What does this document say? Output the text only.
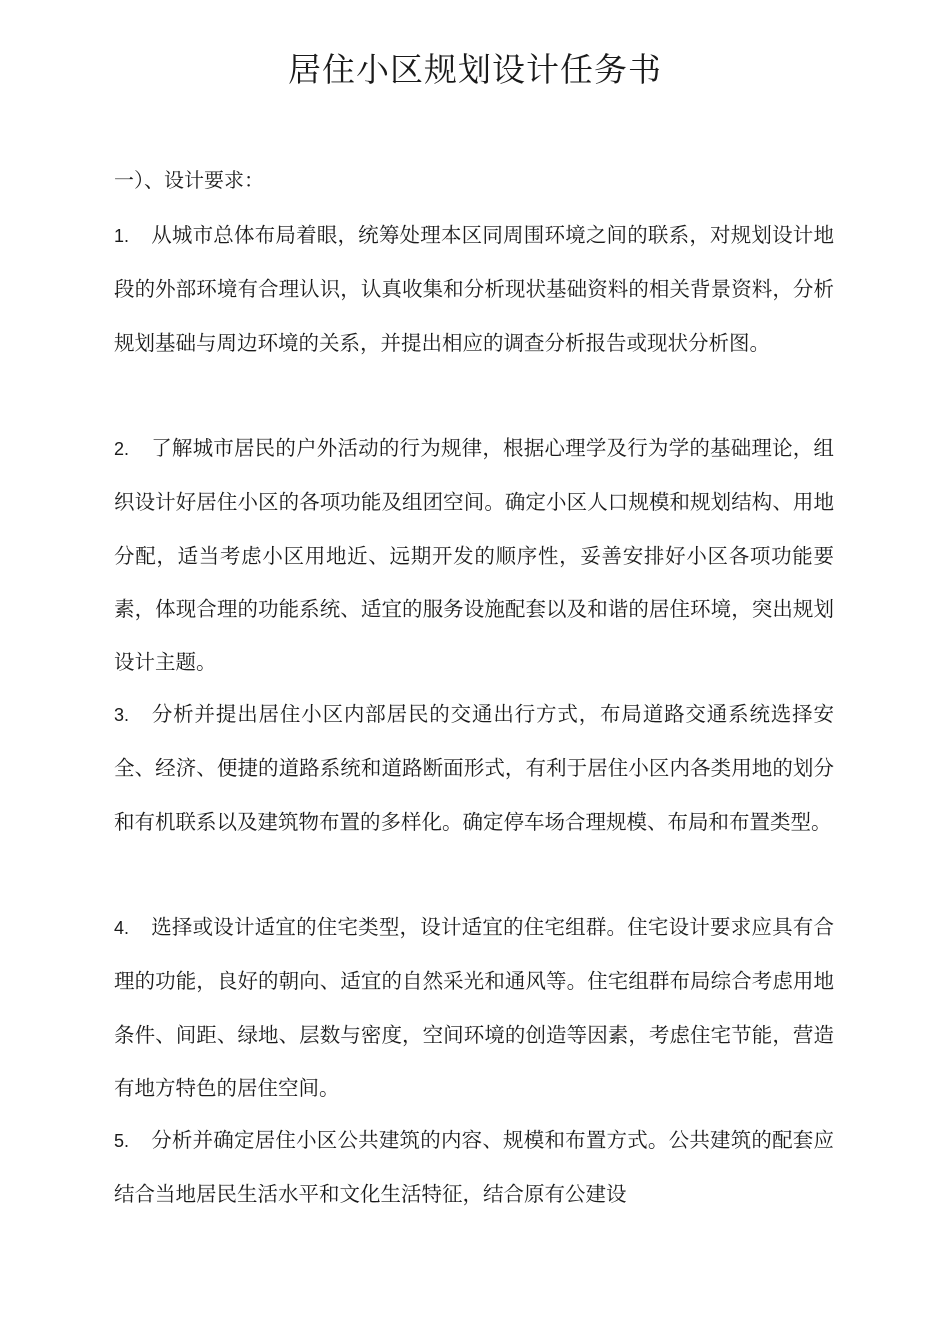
居住小区规划设计任务书

一）、设计要求：

1. 从城市总体布局着眼，统筹处理本区同周围环境之间的联系，对规划设计地段的外部环境有合理认识，认真收集和分析现状基础资料的相关背景资料，分析规划基础与周边环境的关系，并提出相应的调查分析报告或现状分析图。

2. 了解城市居民的户外活动的行为规律，根据心理学及行为学的基础理论，组织设计好居住小区的各项功能及组团空间。确定小区人口规模和规划结构、用地分配，适当考虑小区用地近、远期开发的顺序性，妥善安排好小区各项功能要素，体现合理的功能系统、适宜的服务设施配套以及和谐的居住环境，突出规划设计主题。

3. 分析并提出居住小区内部居民的交通出行方式，布局道路交通系统选择安全、经济、便捷的道路系统和道路断面形式，有利于居住小区内各类用地的划分和有机联系以及建筑物布置的多样化。确定停车场合理规模、布局和布置类型。

4. 选择或设计适宜的住宅类型，设计适宜的住宅组群。住宅设计要求应具有合理的功能，良好的朝向、适宜的自然采光和通风等。住宅组群布局综合考虑用地条件、间距、绿地、层数与密度，空间环境的创造等因素，考虑住宅节能，营造有地方特色的居住空间。

5. 分析并确定居住小区公共建筑的内容、规模和布置方式。公共建筑的配套应结合当地居民生活水平和文化生活特征，结合原有公建设
